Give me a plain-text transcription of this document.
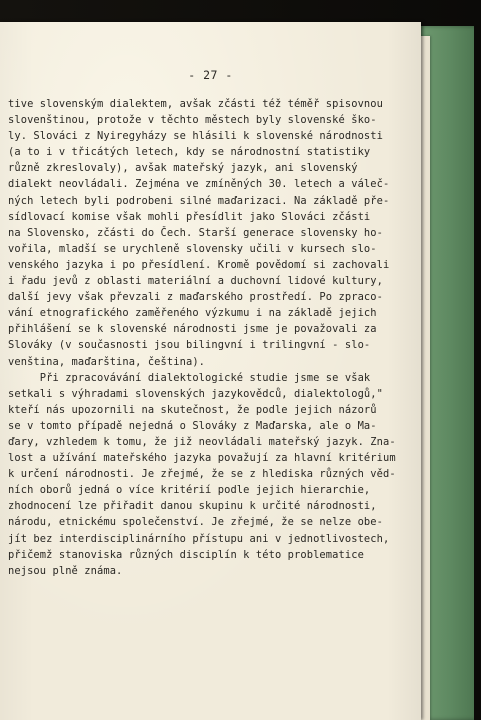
- 27 -
tive slovenským dialektem, avšak zčásti též téměř spisovnou
slovenštinou, protože v těchto městech byly slovenské ško-
ly. Slováci z Nyiregyházy se hlásili k slovenské národnosti
(a to i v třicátých letech, kdy se národnostní statistiky
různě zkreslovaly), avšak mateřský jazyk, ani slovenský
dialekt neovládali. Zejména ve zmíněných 30. letech a váleč-
ných letech byli podrobeni silné maďarizaci. Na základě pře-
sídlovací komise však mohli přesídlit jako Slováci zčásti
na Slovensko, zčásti do Čech. Starší generace slovensky ho-
vořila, mladší se urychleně slovensky učili v kursech slo-
venského jazyka i po přesídlení. Kromě povědomí si zachovali
i řadu jevů z oblasti materiální a duchovní lidové kultury,
další jevy však převzali z maďarského prostředí. Po zpraco-
vání etnografického zaměřeného výzkumu i na základě jejich
přihlášení se k slovenské národnosti jsme je považovali za
Slováky (v současnosti jsou bilingvní i trilingvní - slo-
venština, maďarština, čeština).
Při zpracovávání dialektologické studie jsme se však
setkali s výhradami slovenských jazykovědců, dialektologů,"
kteří nás upozornili na skutečnost, že podle jejich názorů
se v tomto případě nejedná o Slováky z Maďarska, ale o Ma-
ďary, vzhledem k tomu, že již neovládali mateřský jazyk. Zna-
lost a užívání mateřského jazyka považují za hlavní kritérium
k určení národnosti. Je zřejmé, že se z hlediska různých věd-
ních oborů jedná o více kritérií podle jejich hierarchie,
zhodnocení lze přiřadit danou skupinu k určité národnosti,
národu, etnickému společenství. Je zřejmé, že se nelze obe-
jít bez interdisciplinárního přístupu ani v jednotlivostech,
přičemž stanoviska různých disciplín k této problematice
nejsou plně známa.
